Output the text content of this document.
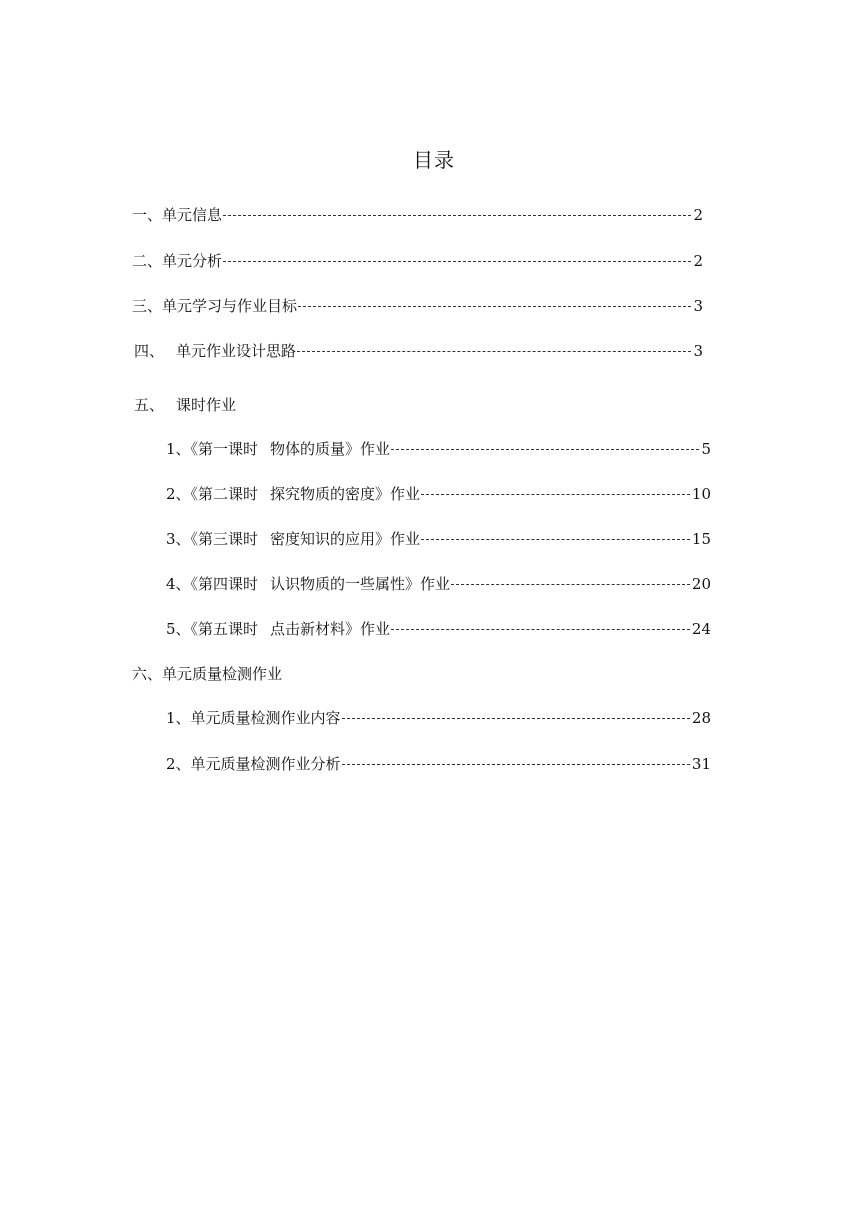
目录
一、单元信息	2
二、单元分析	2
三、单元学习与作业目标	3
四、 单元作业设计思路	3
五、 课时作业
1、《第一课时 物体的质量》作业	5
2、《第二课时 探究物质的密度》作业	10
3、《第三课时 密度知识的应用》作业	15
4、《第四课时 认识物质的一些属性》作业	20
5、《第五课时 点击新材料》作业	24
六、单元质量检测作业
1、单元质量检测作业内容	28
2、单元质量检测作业分析	31
